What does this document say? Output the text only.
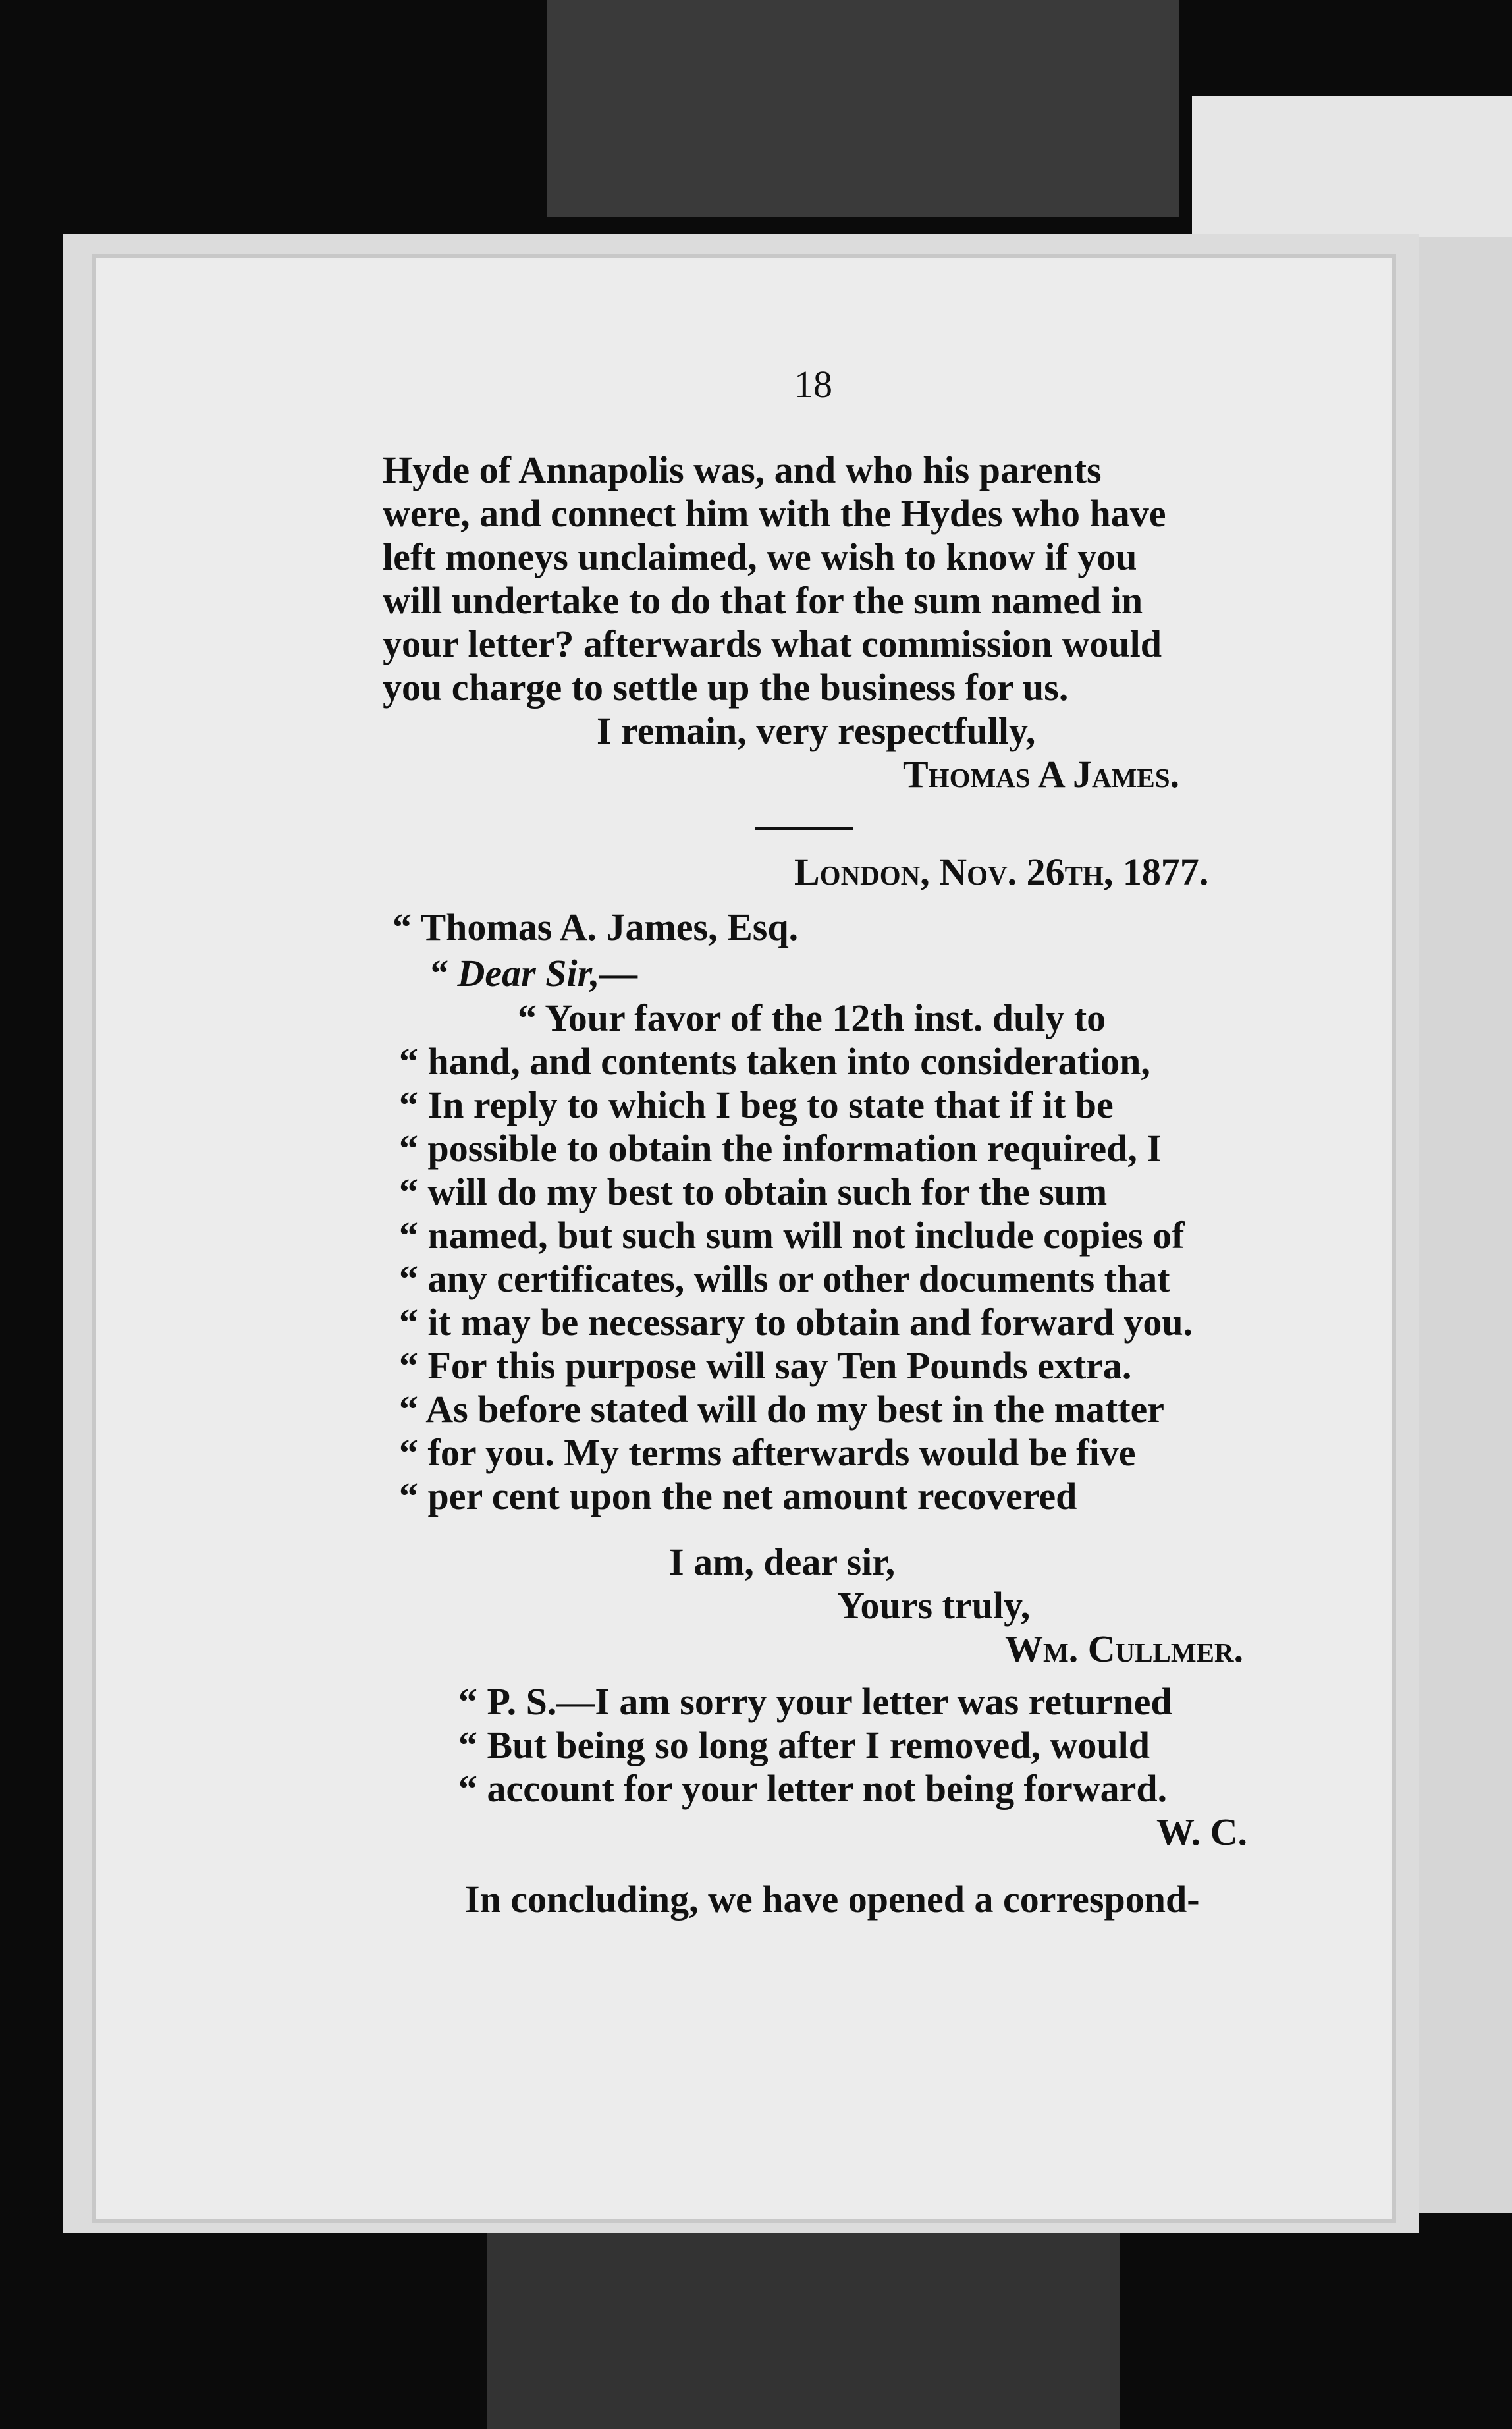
18

Hyde of Annapolis was, and who his parents

were, and connect him with the Hydes who have

left moneys unclaimed, we wish to know if you

will undertake to do that for the sum named in

your letter? afterwards what commission would

you charge to settle up the business for us.

I remain, very respectfully,

Thomas A James.

London, Nov. 26th, 1877.

“ Thomas A. James, Esq.

“ Dear Sir,—

“ Your favor of the 12th inst. duly to

“ hand, and contents taken into consideration,

“ In reply to which I beg to state that if it be

“ possible to obtain the information required, I

“ will do my best to obtain such for the sum

“ named, but such sum will not include copies of

“ any certificates, wills or other documents that

“ it may be necessary to obtain and forward you.

“ For this purpose will say Ten Pounds extra.

“ As before stated will do my best in the matter

“ for you. My terms afterwards would be five

“ per cent upon the net amount recovered

I am, dear sir,

Yours truly,

Wm. Cullmer.

“ P. S.—I am sorry your letter was returned

“ But being so long after I removed, would

“ account for your letter not being forward.

W. C.

In concluding, we have opened a correspond-
